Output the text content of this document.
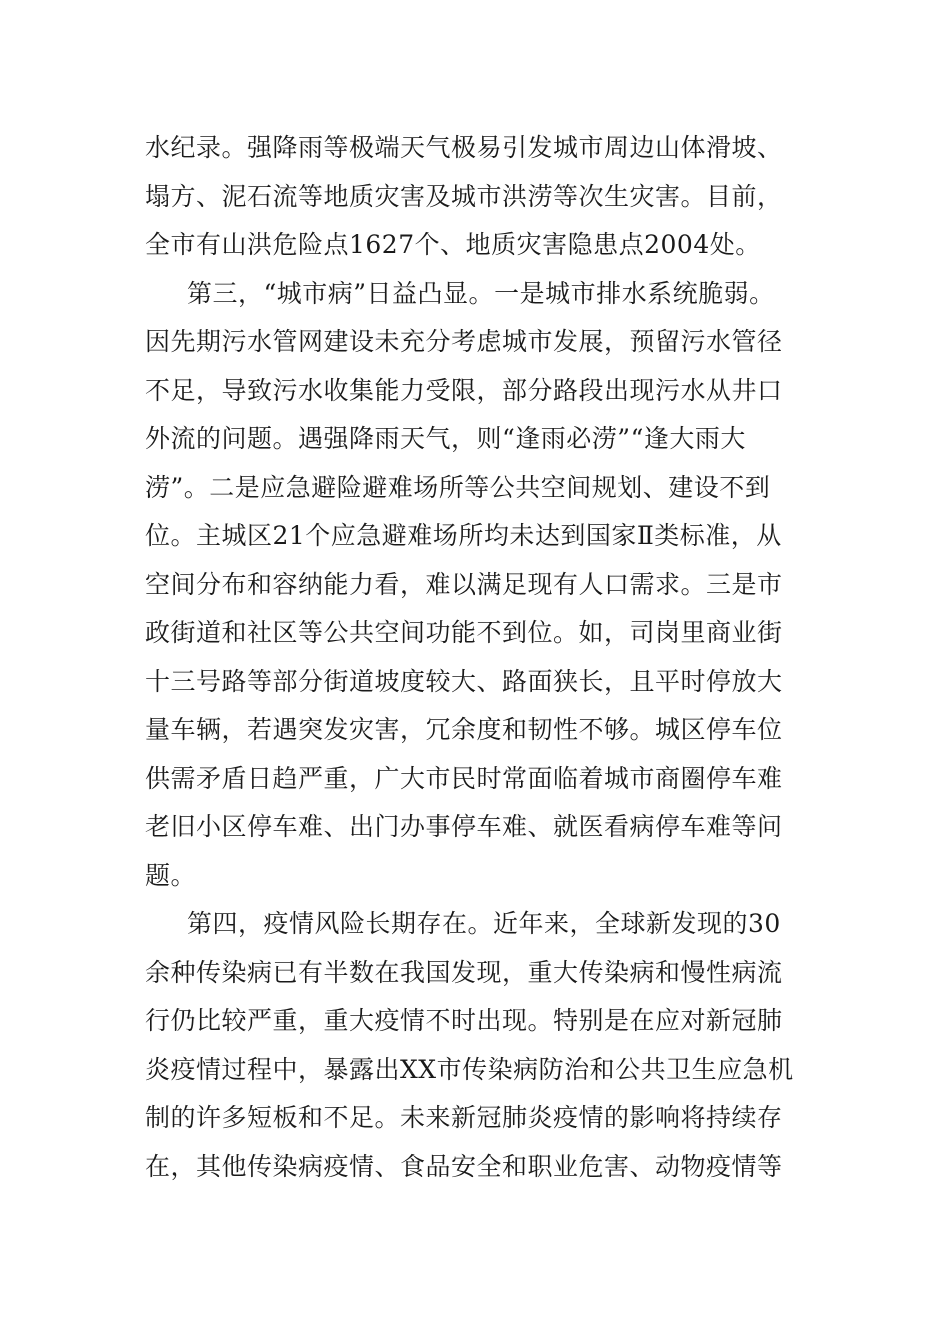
水纪录。强降雨等极端天气极易引发城市周边山体滑坡、
塌方、泥石流等地质灾害及城市洪涝等次生灾害。目前，
全市有山洪危险点1627个、地质灾害隐患点2004处。
第三，“城市病”日益凸显。一是城市排水系统脆弱。
因先期污水管网建设未充分考虑城市发展，预留污水管径
不足，导致污水收集能力受限，部分路段出现污水从井口
外流的问题。遇强降雨天气，则“逢雨必涝”“逢大雨大
涝”。二是应急避险避难场所等公共空间规划、建设不到
位。主城区21个应急避难场所均未达到国家Ⅱ类标准，从
空间分布和容纳能力看，难以满足现有人口需求。三是市
政街道和社区等公共空间功能不到位。如，司岗里商业街
十三号路等部分街道坡度较大、路面狭长，且平时停放大
量车辆，若遇突发灾害，冗余度和韧性不够。城区停车位
供需矛盾日趋严重，广大市民时常面临着城市商圈停车难
老旧小区停车难、出门办事停车难、就医看病停车难等问
题。
第四，疫情风险长期存在。近年来，全球新发现的30
余种传染病已有半数在我国发现，重大传染病和慢性病流
行仍比较严重，重大疫情不时出现。特别是在应对新冠肺
炎疫情过程中，暴露出XX市传染病防治和公共卫生应急机
制的许多短板和不足。未来新冠肺炎疫情的影响将持续存
在，其他传染病疫情、食品安全和职业危害、动物疫情等
